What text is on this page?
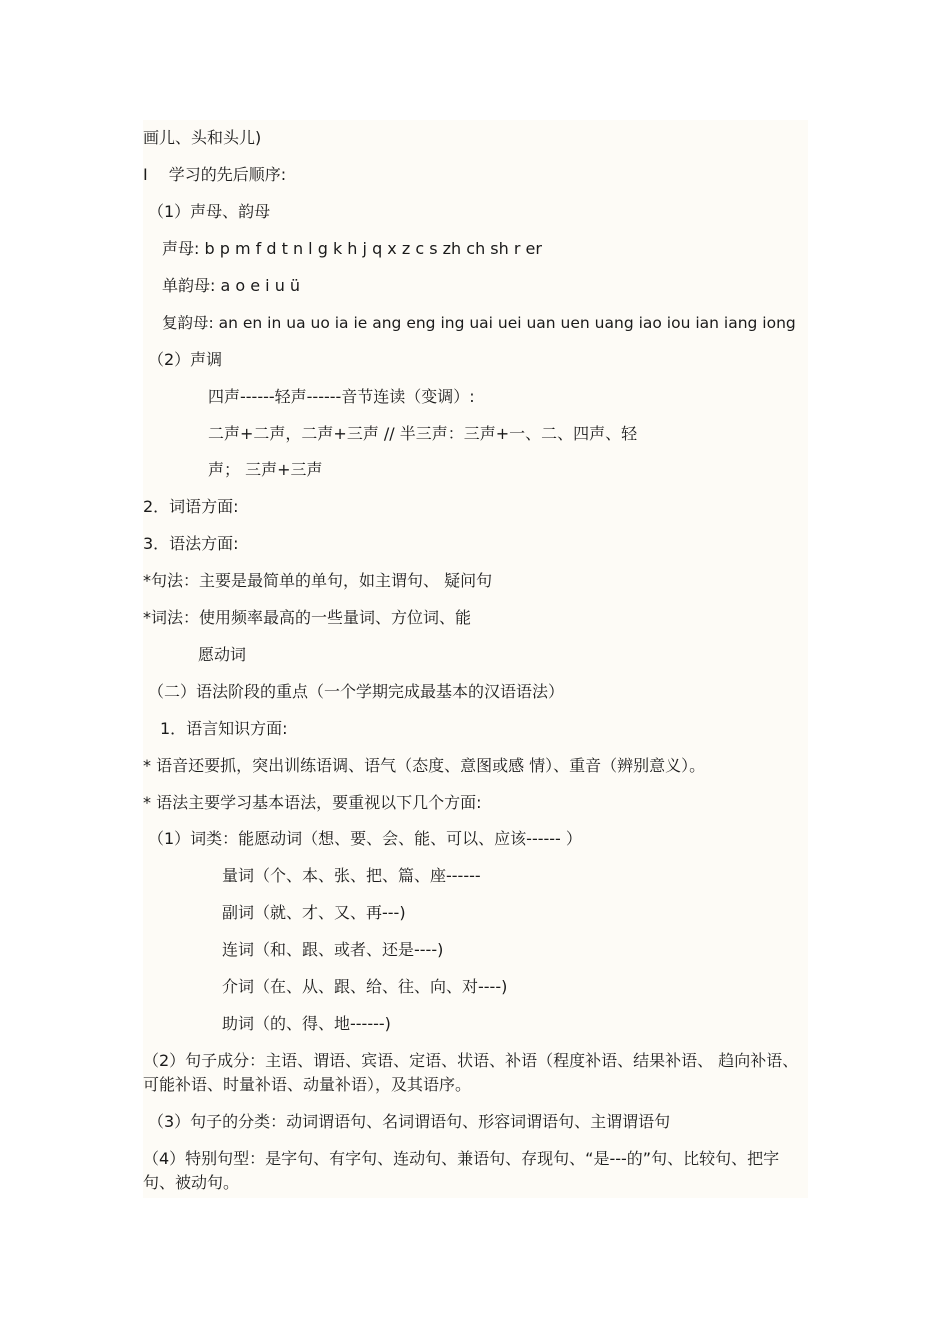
画儿、头和头儿)
I　 学习的先后顺序:
（1）声母、韵母
声母: b p m f d t n l g k h j q x z c s zh ch sh r er
单韵母: a o e i u ü
复韵母: an en in ua uo ia ie ang eng ing uai uei uan uen uang iao iou ian iang iong
（2）声调
四声------轻声------音节连读（变调）:
二声+二声，二声+三声 // 半三声：三声+一、二、四声、轻
声； 三声+三声
2．词语方面:
3．语法方面:
*句法：主要是最简单的单句，如主谓句、 疑问句
*词法：使用频率最高的一些量词、方位词、能
愿动词
（二）语法阶段的重点（一个学期完成最基本的汉语语法）
1．语言知识方面:
* 语音还要抓，突出训练语调、语气（态度、意图或感 情）、重音（辨别意义）。
* 语法主要学习基本语法，要重视以下几个方面:
（1）词类：能愿动词（想、要、会、能、可以、应该------ ）
量词（个、本、张、把、篇、座------
副词（就、才、又、再---)
连词（和、跟、或者、还是----)
介词（在、从、跟、给、往、向、对----)
助词（的、得、地------)
（2）句子成分：主语、谓语、宾语、定语、状语、补语（程度补语、结果补语、 趋向补语、可能补语、时量补语、动量补语），及其语序。
（3）句子的分类：动词谓语句、名词谓语句、形容词谓语句、主谓谓语句
（4）特别句型：是字句、有字句、连动句、兼语句、存现句、“是---的”句、比较句、把字句、被动句。
